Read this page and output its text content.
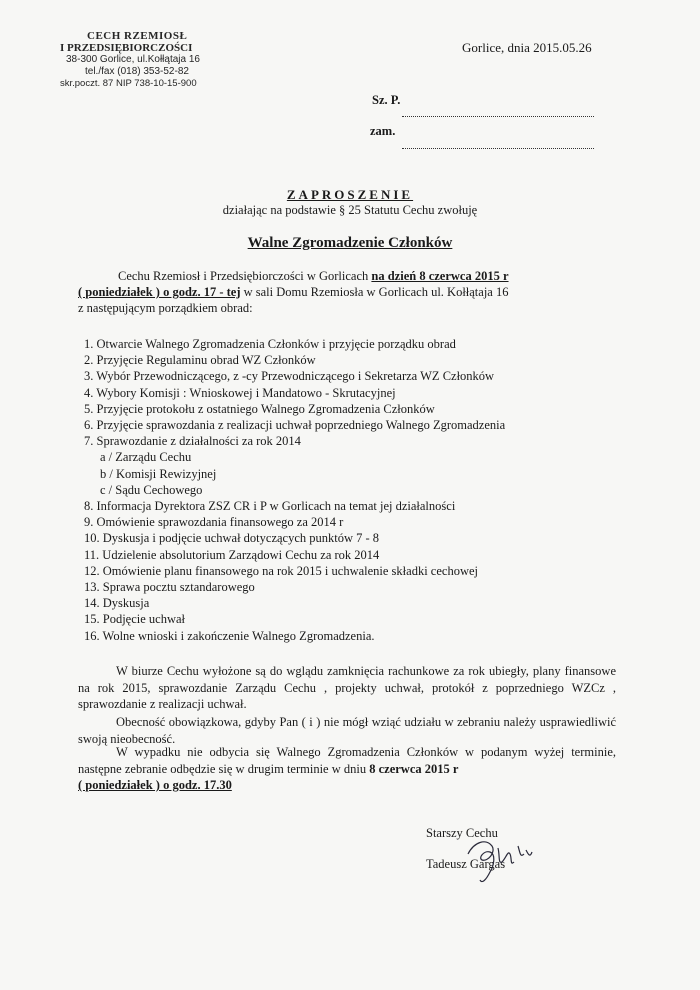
CECH RZEMIOSŁ
I PRZEDSIĘBIORCZOŚCI
38-300 Gorlice, ul.Kołłątaja 16
tel./fax (018) 353-52-82
skr.poczt. 87 NIP 738-10-15-900
Gorlice, dnia 2015.05.26
Sz. P.
zam.
ZAPROSZENIE
działając na podstawie § 25 Statutu Cechu zwołuję
Walne Zgromadzenie Członków
Cechu Rzemiosł i Przedsiębiorczości w Gorlicach na dzień 8 czerwca 2015 r
( poniedziałek ) o godz. 17 - tej w sali Domu Rzemiosła w Gorlicach ul. Kołłątaja 16
z następującym porządkiem obrad:
1. Otwarcie Walnego Zgromadzenia Członków i przyjęcie porządku obrad
2. Przyjęcie Regulaminu obrad WZ Członków
3. Wybór Przewodniczącego, z -cy Przewodniczącego i Sekretarza WZ Członków
4. Wybory Komisji : Wnioskowej i Mandatowo - Skrutacyjnej
5. Przyjęcie protokołu z ostatniego Walnego Zgromadzenia Członków
6. Przyjęcie sprawozdania z realizacji uchwał poprzedniego Walnego Zgromadzenia
7. Sprawozdanie z działalności za rok 2014
a / Zarządu Cechu
b / Komisji Rewizyjnej
c / Sądu Cechowego
8. Informacja Dyrektora ZSZ CR i P w Gorlicach na temat jej działalności
9. Omówienie sprawozdania finansowego za 2014 r
10. Dyskusja i podjęcie uchwał dotyczących punktów 7 - 8
11. Udzielenie absolutorium Zarządowi Cechu za rok 2014
12. Omówienie planu finansowego na rok 2015 i uchwalenie składki cechowej
13. Sprawa pocztu sztandarowego
14. Dyskusja
15. Podjęcie uchwał
16. Wolne wnioski i zakończenie Walnego Zgromadzenia.
W biurze Cechu wyłożone są do wglądu zamknięcia rachunkowe za rok ubiegły, plany finansowe na rok 2015, sprawozdanie Zarządu Cechu , projekty uchwał, protokół z poprzedniego WZCz , sprawozdanie z realizacji uchwał.
Obecność obowiązkowa, gdyby Pan ( i ) nie mógł wziąć udziału w zebraniu należy usprawiedliwić swoją nieobecność.
W wypadku nie odbycia się Walnego Zgromadzenia Członków w podanym wyżej terminie, następne zebranie odbędzie się w drugim terminie w dniu 8 czerwca 2015 r
( poniedziałek ) o godz. 17.30
Starszy Cechu
Tadeusz Gargas
